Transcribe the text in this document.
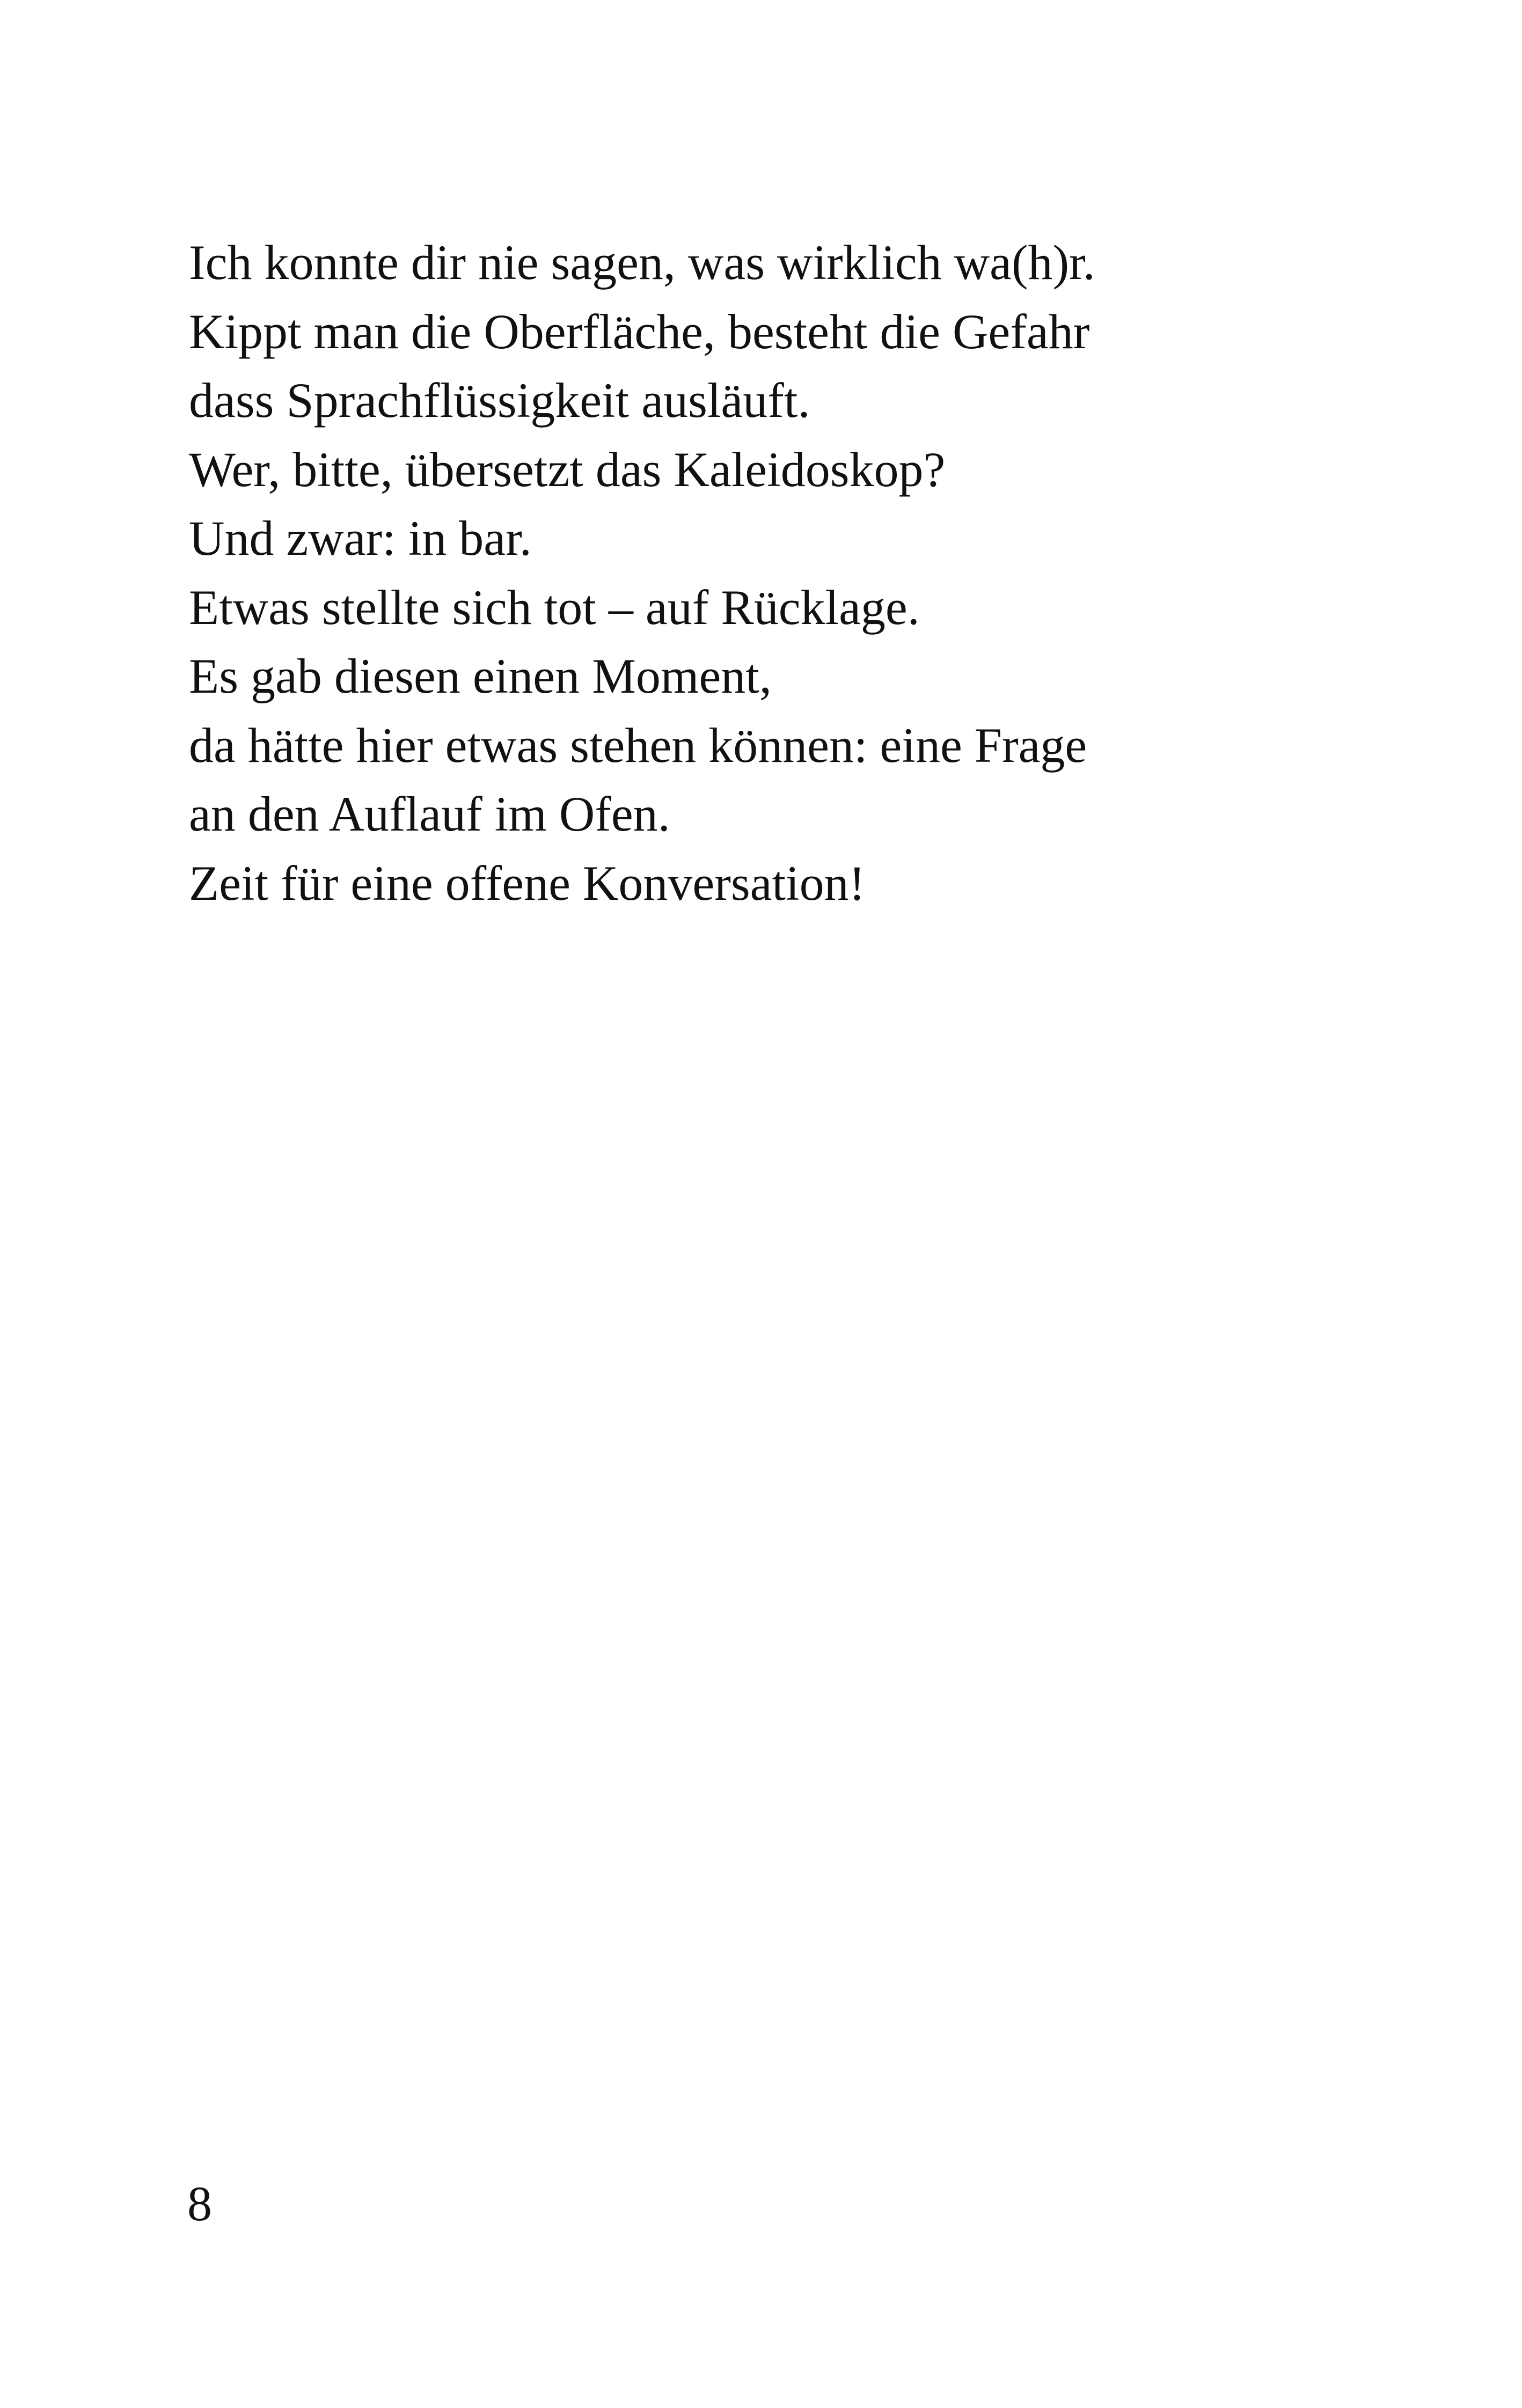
Ich konnte dir nie sagen, was wirklich wa(h)r.
Kippt man die Oberfläche, besteht die Gefahr
dass Sprachflüssigkeit ausläuft.
Wer, bitte, übersetzt das Kaleidoskop?
Und zwar: in bar.
Etwas stellte sich tot – auf Rücklage.
Es gab diesen einen Moment,
da hätte hier etwas stehen können: eine Frage
an den Auflauf im Ofen.
Zeit für eine offene Konversation!
8
